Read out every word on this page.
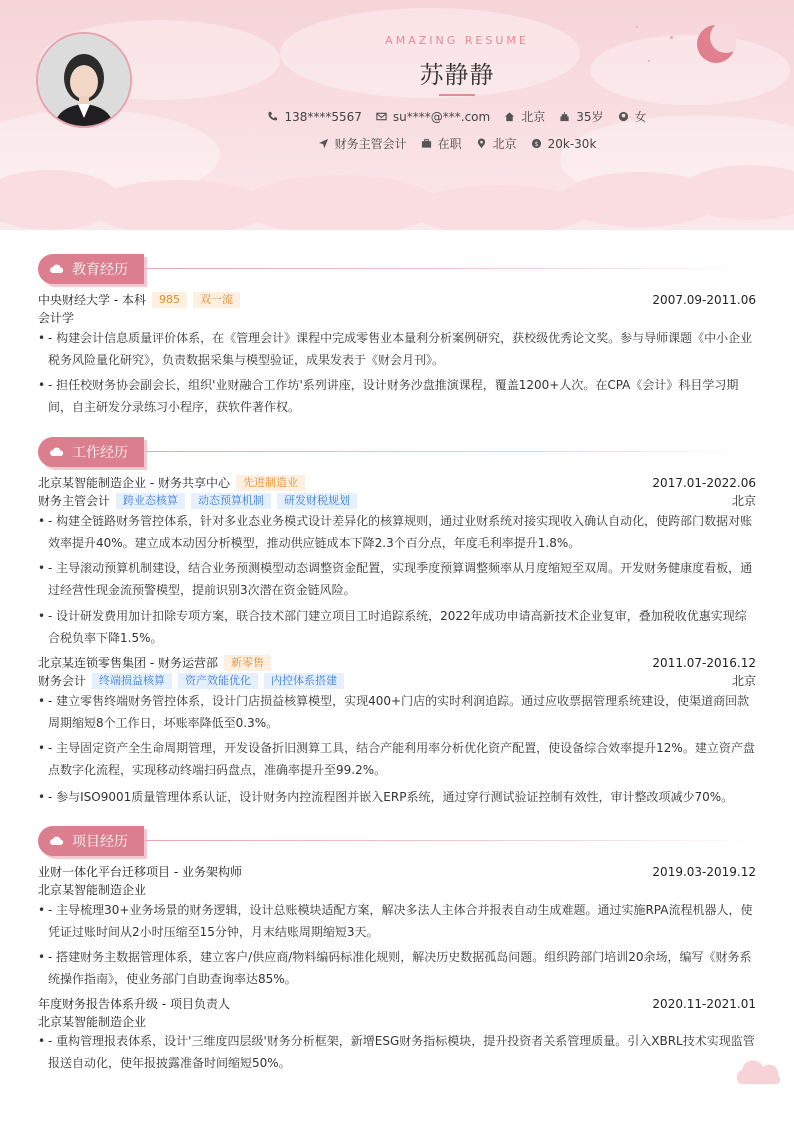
AMAZING RESUME
苏静静
138****5567	su****@***.com	北京	35岁	女
财务主管会计	在职	北京 $ 20k-30k
教育经历
中央财经大学 - 本科	985	双一流	2007.09-2011.06
会计学
• - 构建会计信息质量评价体系，在《管理会计》课程中完成零售业本量利分析案例研究，获校级优秀论文奖。参与导师课题《中小企业税务风险量化研究》，负责数据采集与模型验证，成果发表于《财会月刊》。
• - 担任校财务协会副会长，组织'业财融合工作坊'系列讲座，设计财务沙盘推演课程，覆盖1200+人次。在CPA《会计》科目学习期间，自主研发分录练习小程序，获软件著作权。
工作经历
北京某智能制造企业 - 财务共享中心	先进制造业	2017.01-2022.06
财务主管会计	跨业态核算	动态预算机制	研发财税规划	北京
• - 构建全链路财务管控体系，针对多业态业务模式设计差异化的核算规则，通过业财系统对接实现收入确认自动化，使跨部门数据对账效率提升40%。建立成本动因分析模型，推动供应链成本下降2.3个百分点，年度毛利率提升1.8%。
• - 主导滚动预算机制建设，结合业务预测模型动态调整资金配置，实现季度预算调整频率从月度缩短至双周。开发财务健康度看板，通过经营性现金流预警模型，提前识别3次潜在资金链风险。
• - 设计研发费用加计扣除专项方案，联合技术部门建立项目工时追踪系统，2022年成功申请高新技术企业复审，叠加税收优惠实现综合税负率下降1.5%。
北京某连锁零售集团 - 财务运营部	新零售	2011.07-2016.12
财务会计	终端损益核算	资产效能优化	内控体系搭建	北京
• - 建立零售终端财务管控体系，设计门店损益核算模型，实现400+门店的实时利润追踪。通过应收票据管理系统建设，使渠道商回款周期缩短8个工作日，坏账率降低至0.3%。
• - 主导固定资产全生命周期管理，开发设备折旧测算工具，结合产能利用率分析优化资产配置，使设备综合效率提升12%。建立资产盘点数字化流程，实现移动终端扫码盘点，准确率提升至99.2%。
• - 参与ISO9001质量管理体系认证，设计财务内控流程图并嵌入ERP系统，通过穿行测试验证控制有效性，审计整改项减少70%。
项目经历
业财一体化平台迁移项目 - 业务架构师	2019.03-2019.12
北京某智能制造企业
• - 主导梳理30+业务场景的财务逻辑，设计总账模块适配方案，解决多法人主体合并报表自动生成难题。通过实施RPA流程机器人，使凭证过账时间从2小时压缩至15分钟，月末结账周期缩短3天。
• - 搭建财务主数据管理体系，建立客户/供应商/物料编码标准化规则，解决历史数据孤岛问题。组织跨部门培训20余场，编写《财务系统操作指南》，使业务部门自助查询率达85%。
年度财务报告体系升级 - 项目负责人	2020.11-2021.01
北京某智能制造企业
• - 重构管理报表体系，设计'三维度四层级'财务分析框架，新增ESG财务指标模块，提升投资者关系管理质量。引入XBRL技术实现监管报送自动化，使年报披露准备时间缩短50%。
